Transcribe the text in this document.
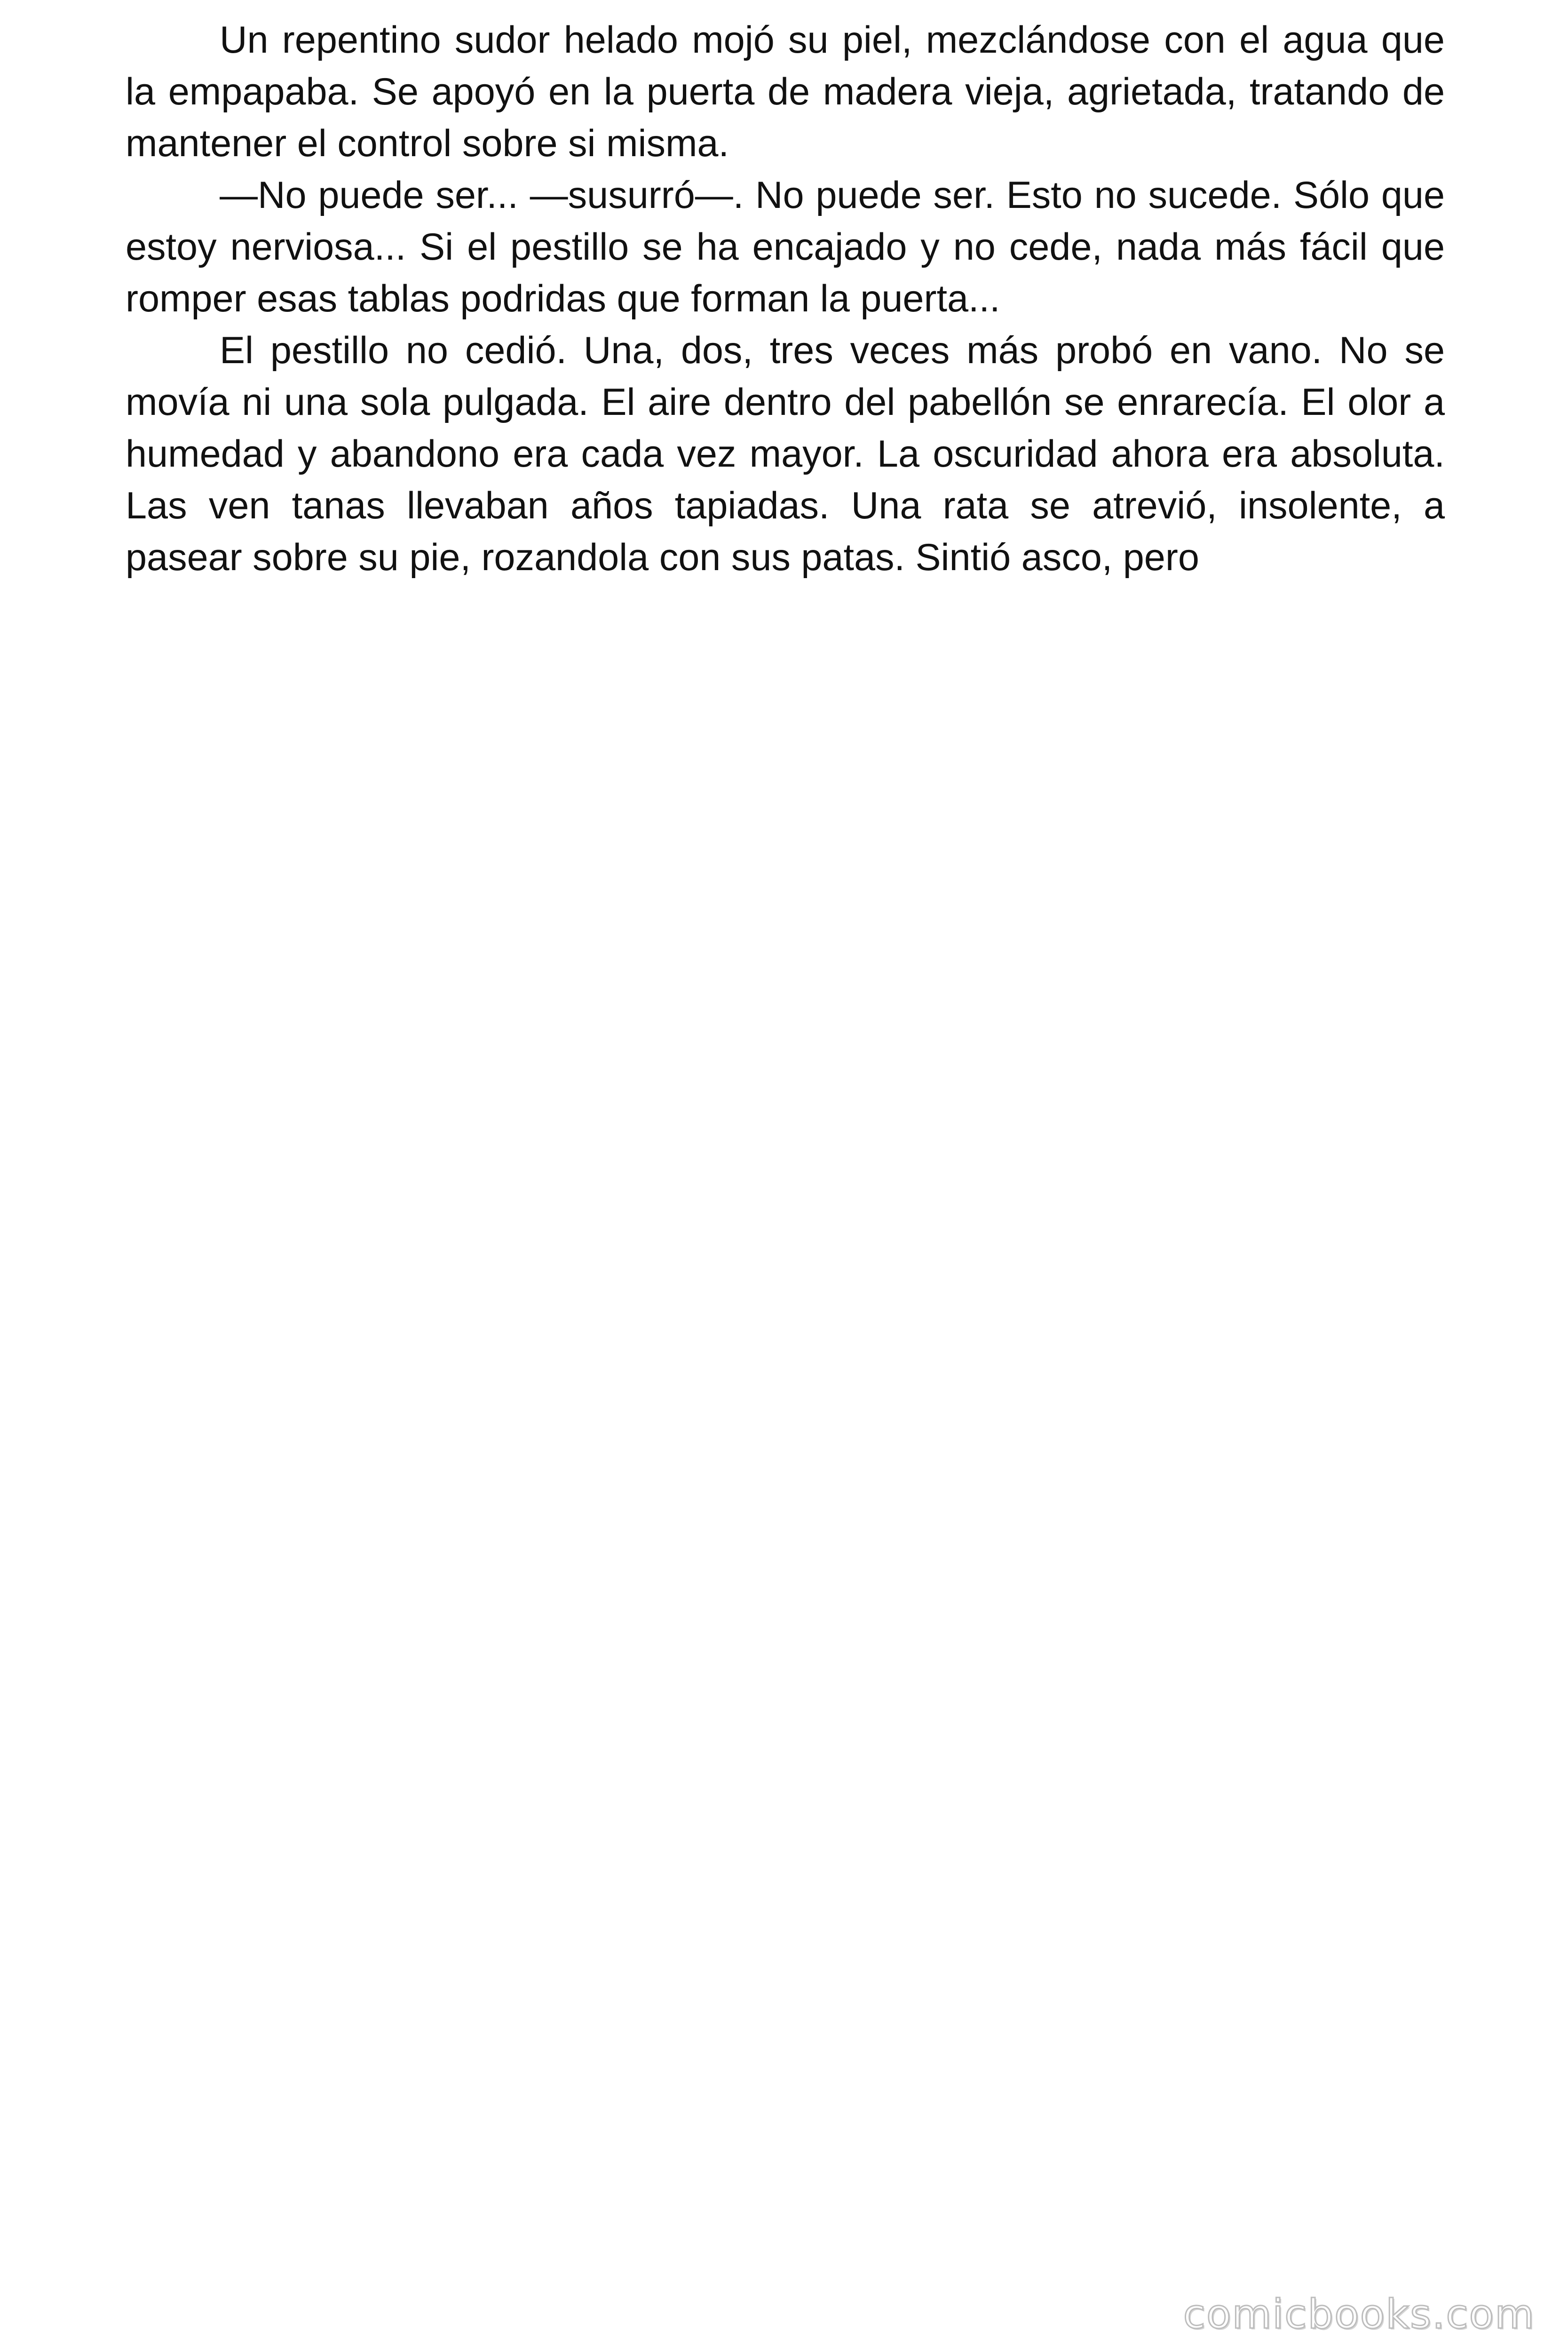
Un repentino sudor helado mojó su piel, mezclándose con el agua que la empapaba. Se apoyó en la puerta de madera vieja, agrietada, tratando de mantener el control sobre si misma.

—No puede ser... —susurró—. No puede ser. Esto no sucede. Sólo que estoy nerviosa... Si el pestillo se ha encajado y no cede, nada más fácil que romper esas tablas podridas que forman la puerta...

El pestillo no cedió. Una, dos, tres veces más probó en vano. No se movía ni una sola pulgada. El aire dentro del pabellón se enrarecía. El olor a humedad y abandono era cada vez mayor. La oscuridad ahora era absoluta. Las ven tanas llevaban años tapiadas. Una rata se atrevió, insolente, a pasear sobre su pie, rozandola con sus patas. Sintió asco, pero

comicbooks.com
